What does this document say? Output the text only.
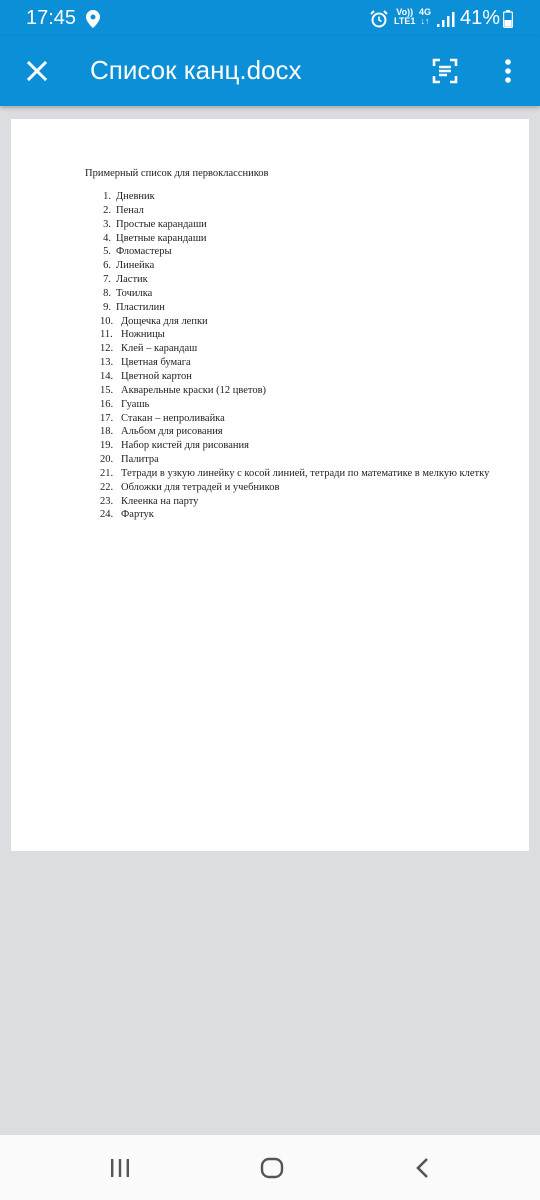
17:45	Vo))
LTE1
4G
↓↑ 41%
Список канц.docx
Примерный список для первоклассников
1. Дневник
2. Пенал
3. Простые карандаши
4. Цветные карандаши
5. Фломастеры
6. Линейка
7. Ластик
8. Точилка
9. Пластилин
10. Дощечка для лепки
11. Ножницы
12. Клей – карандаш
13. Цветная бумага
14. Цветной картон
15. Акварельные краски (12 цветов)
16. Гуашь
17. Стакан – непроливайка
18. Альбом для рисования
19. Набор кистей для рисования
20. Палитра
21. Тетради в узкую линейку с косой линией, тетради по математике в мелкую клетку
22. Обложки для тетрадей и учебников
23. Клеенка на парту
24. Фартук
